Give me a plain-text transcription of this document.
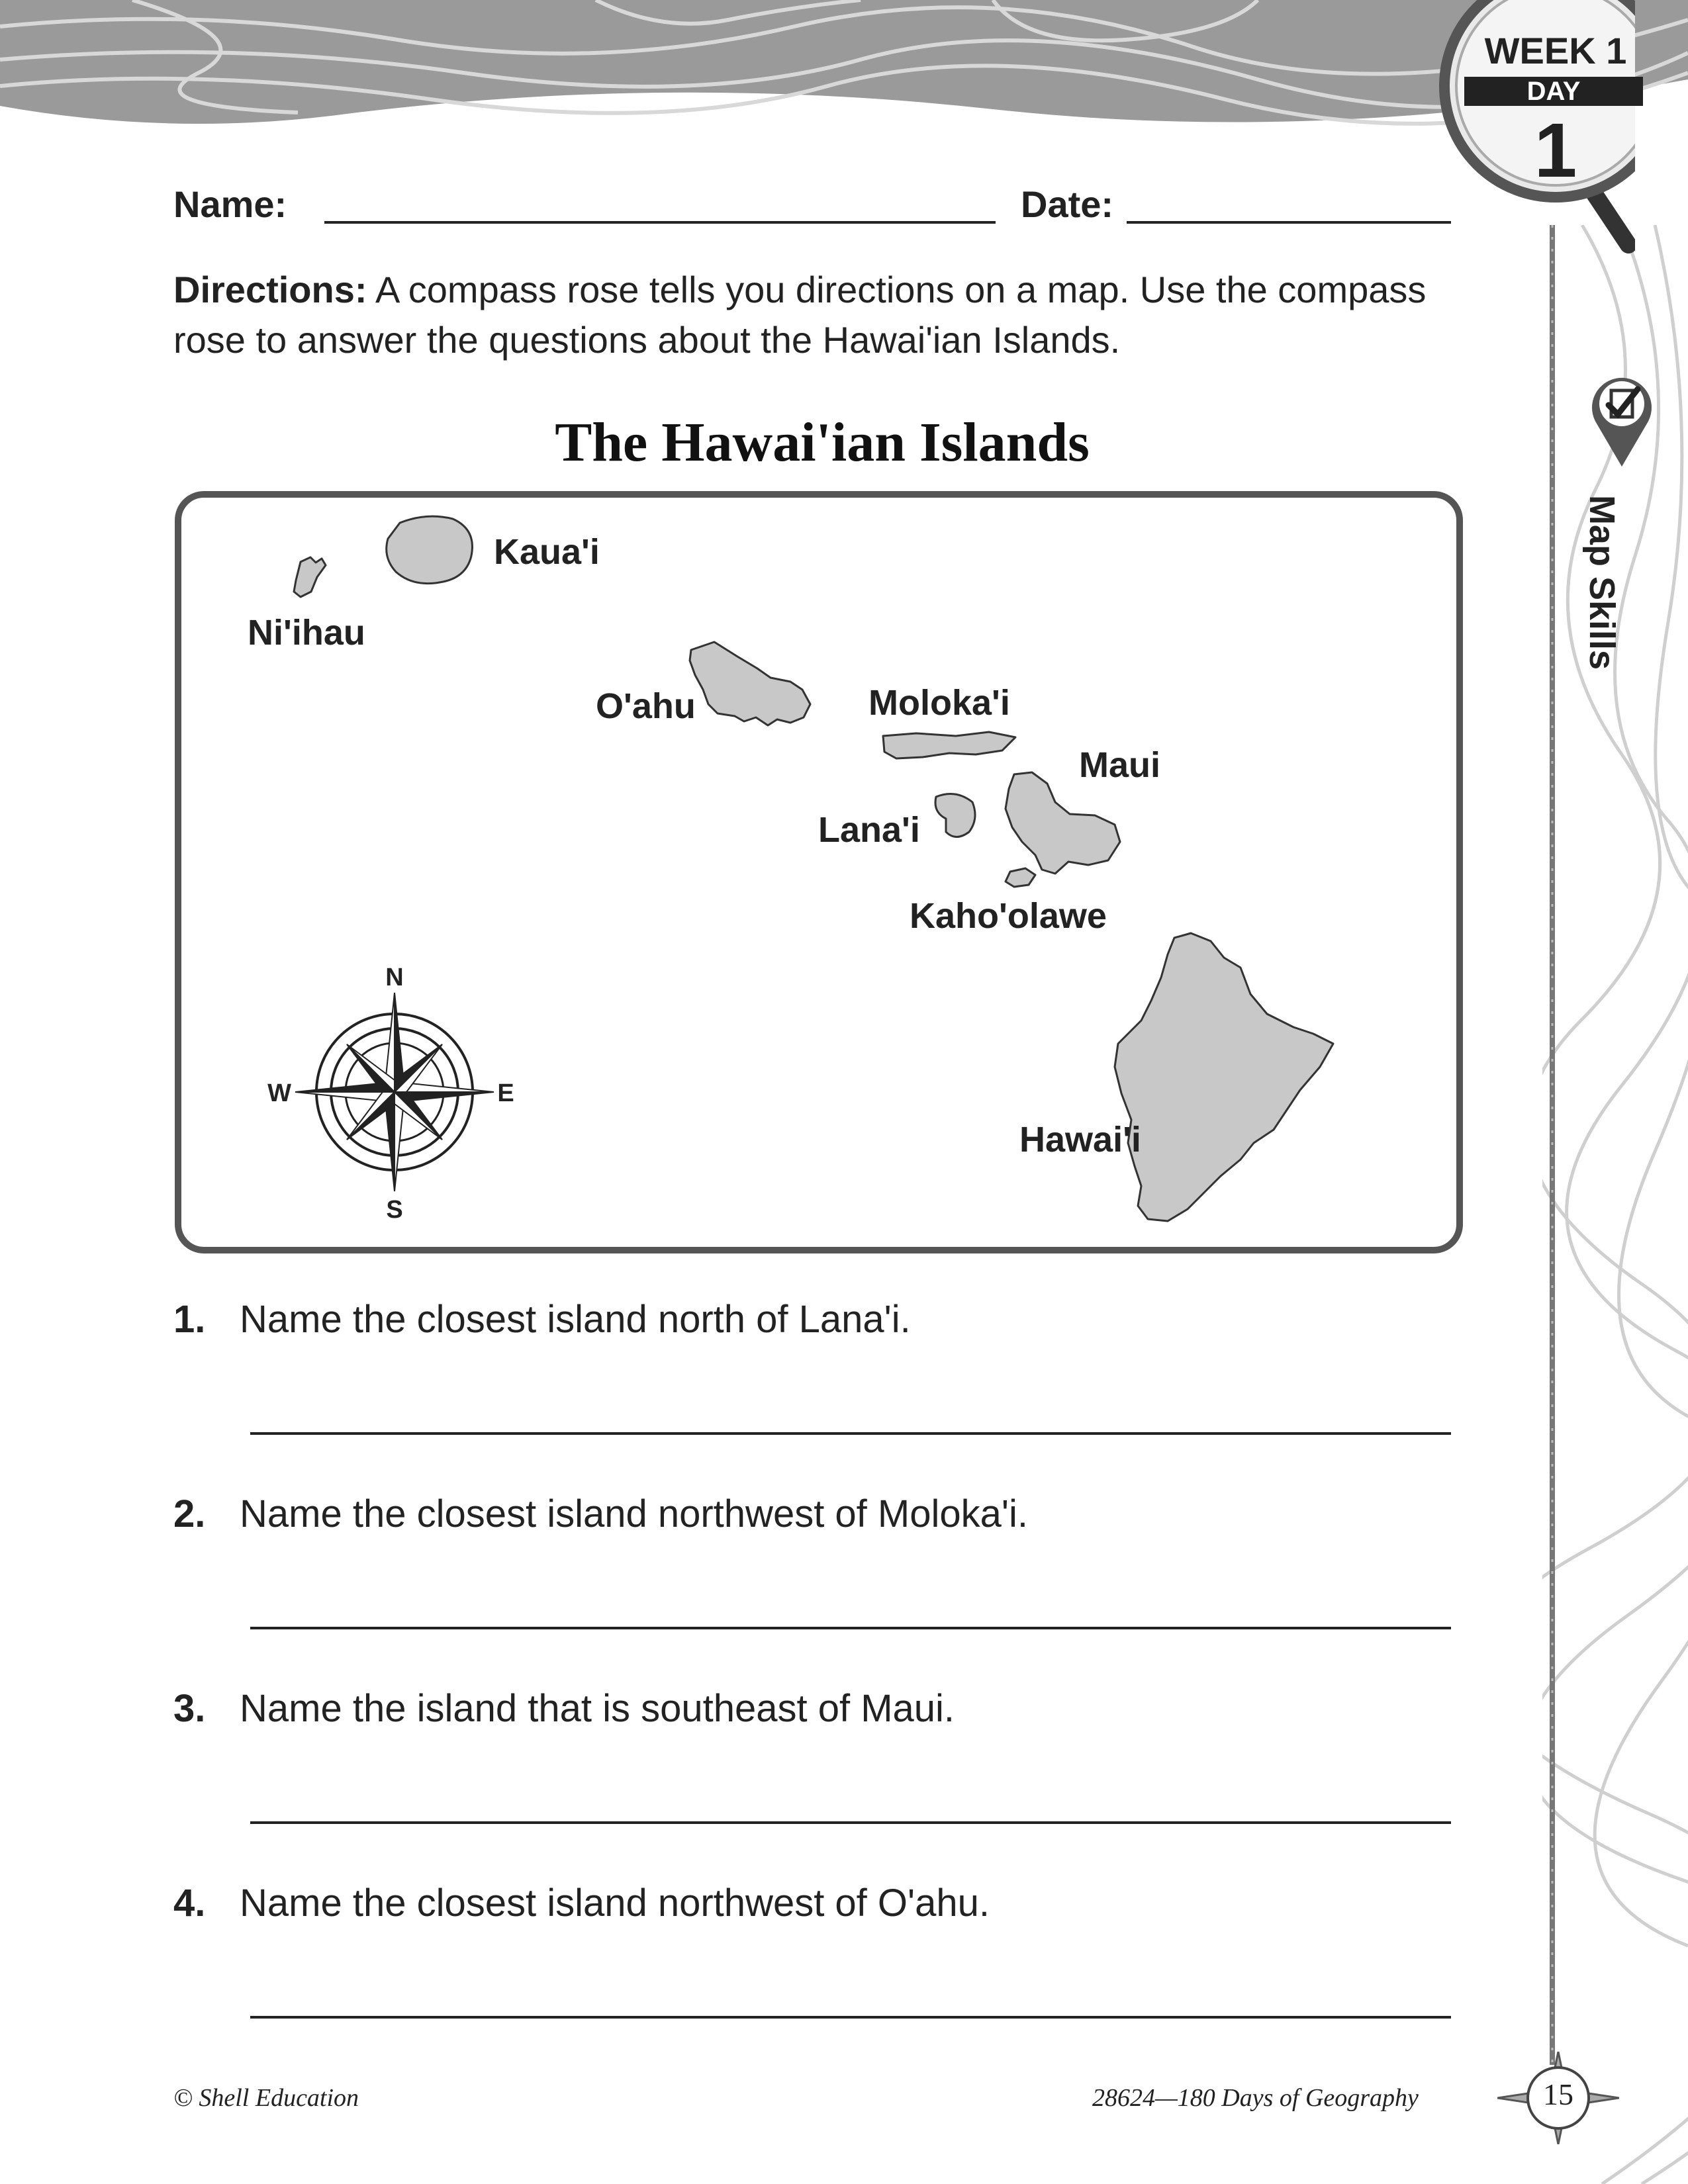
WEEK 1
DAY
1
Map Skills
Name:	Date:
Directions: A compass rose tells you directions on a map. Use the compass rose to answer the questions about the Hawai'ian Islands.
The Hawai'ian Islands
Ni'ihau
Kaua'i
O'ahu	Moloka'i
Maui
Lana'i
Kaho'olawe
Hawai'i
N
S
E
W
1. Name the closest island north of Lana'i.
2. Name the closest island northwest of Moloka'i.
3. Name the island that is southeast of Maui.
4. Name the closest island northwest of O'ahu.
© Shell Education	28624—180 Days of Geography	15
